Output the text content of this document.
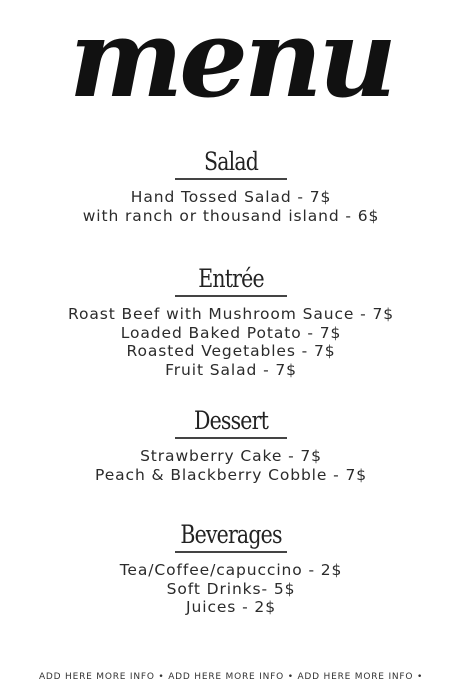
menu
Salad
Hand Tossed Salad - 7$
with ranch or thousand island - 6$
Entrée
Roast Beef with Mushroom Sauce - 7$
Loaded Baked Potato - 7$
Roasted Vegetables - 7$
Fruit Salad - 7$
Dessert
Strawberry Cake - 7$
Peach & Blackberry Cobble - 7$
Beverages
Tea/Coffee/capuccino - 2$
Soft Drinks- 5$
Juices - 2$
ADD HERE MORE INFO • ADD HERE MORE INFO • ADD HERE MORE INFO •
